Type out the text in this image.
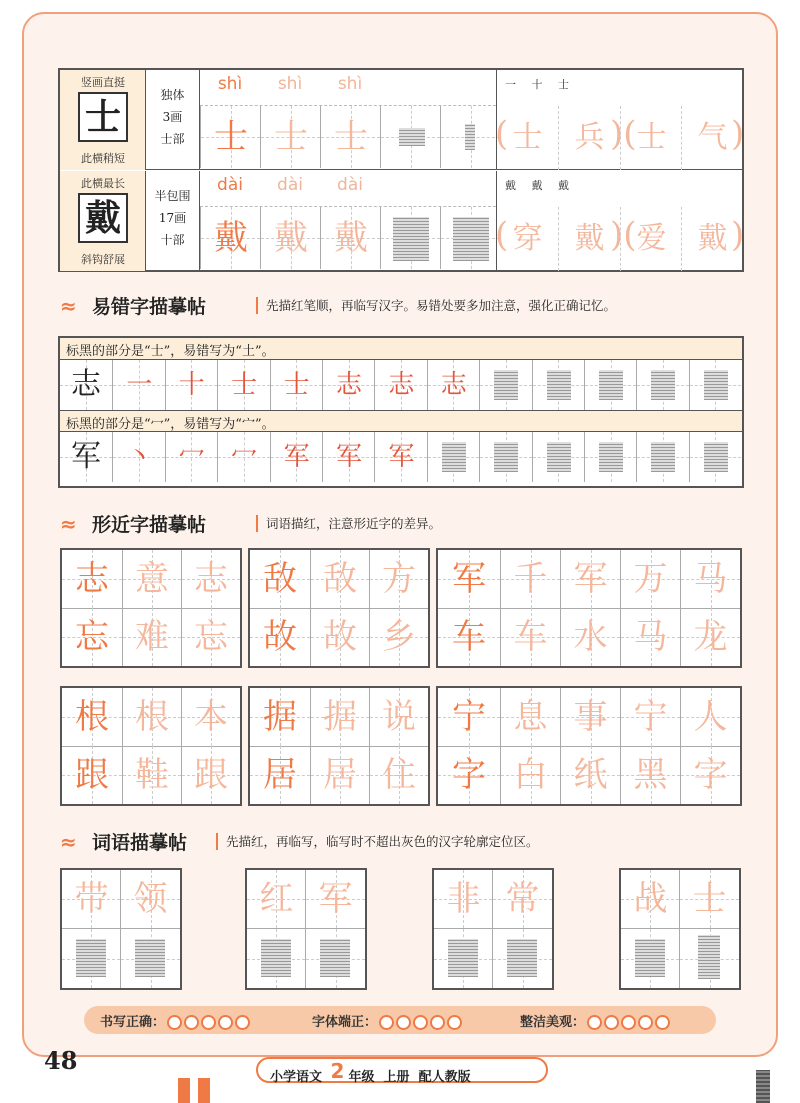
竖画直挺
士
此横稍短
独体
3画
士部
shì	shì	shì
士 士 士
一 十 士
( 士	兵 )( 士	气 )
此横最长
戴
斜钩舒展
半包围
17画
十部
dài	dài	dài
戴 戴 戴
戴 戴 戴
( 穿	戴 )( 爱	戴 )
≈ 易错字描摹帖	先描红笔顺，再临写汉字。易错处要多加注意，强化正确记忆。
标黑的部分是“士”，易错写为“土”。
志 一	十	士	士	志	志	志
标黑的部分是“冖”，易错写为“宀”。
军 丶	冖	冖	军	军	军
≈ 形近字描摹帖	词语描红，注意形近字的差异。
志 意 志
忘 难 忘
敌 敌 方
故 故 乡
军 千 军 万 马
车 车 水 马 龙
根 根 本
跟 鞋 跟
据 据 说
居 居 住
宁 息 事 宁 人
字 白 纸 黑 字
≈ 词语描摹帖	先描红，再临写，临写时不超出灰色的汉字轮廓定位区。
带 领	红 军	非 常	战 士
书写正确：	字体端正：	整洁美观：
48
小学语文 2 年级 上册 配人教版
